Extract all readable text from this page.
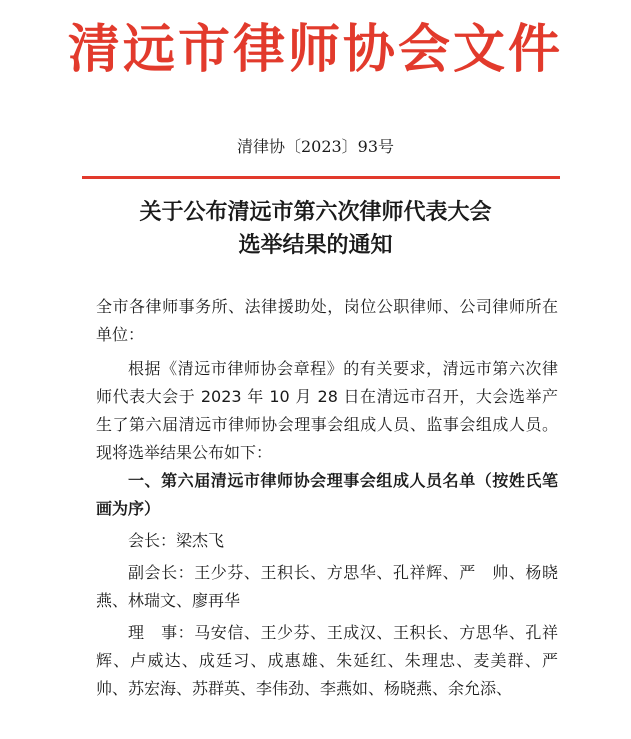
清远市律师协会文件
清律协〔2023〕93号
关于公布清远市第六次律师代表大会
选举结果的通知

全市各律师事务所、法律援助处，岗位公职律师、公司律师所在单位：

根据《清远市律师协会章程》的有关要求，清远市第六次律师代表大会于 2023 年 10 月 28 日在清远市召开，大会选举产生了第六届清远市律师协会理事会组成人员、监事会组成人员。现将选举结果公布如下：

一、第六届清远市律师协会理事会组成人员名单（按姓氏笔画为序）

会长：梁杰飞

副会长：王少芬、王积长、方思华、孔祥辉、严　帅、杨晓燕、林瑞文、廖再华

理　事：马安信、王少芬、王成汉、王积长、方思华、孔祥辉、卢威达、成廷习、成惠雄、朱延红、朱理忠、麦美群、严　帅、苏宏海、苏群英、李伟劲、李燕如、杨晓燕、余允添、
